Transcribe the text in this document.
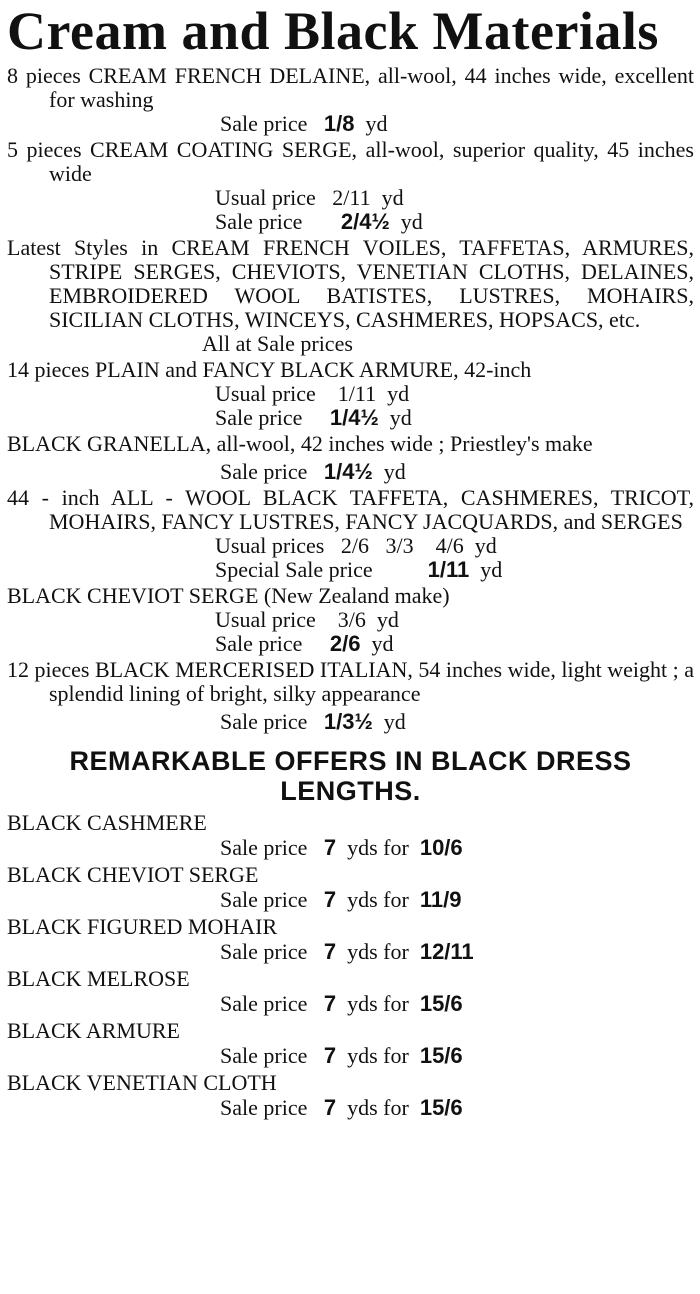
Cream and Black Materials
8 pieces CREAM FRENCH DELAINE, all-wool, 44 inches wide, excellent for washing
Sale price 1/8 yd
5 pieces CREAM COATING SERGE, all-wool, superior quality, 45 inches wide
Usual price 2/11 yd
Sale price 2/4½ yd
Latest Styles in CREAM FRENCH VOILES, TAFFETAS, ARMURES, STRIPE SERGES, CHEVIOTS, VENETIAN CLOTHS, DELAINES, EMBROIDERED WOOL BATISTES, LUSTRES, MOHAIRS, SICILIAN CLOTHS, WINCEYS, CASHMERES, HOPSACS, etc.
All at Sale prices
14 pieces PLAIN and FANCY BLACK ARMURE, 42-inch
Usual price 1/11 yd
Sale price 1/4½ yd
BLACK GRANELLA, all-wool, 42 inches wide ; Priestley's make
Sale price 1/4½ yd
44 - inch ALL - WOOL BLACK TAFFETA, CASHMERES, TRICOT, MOHAIRS, FANCY LUSTRES, FANCY JACQUARDS, and SERGES
Usual prices 2/6 3/3 4/6 yd
Special Sale price	1/11 yd
BLACK CHEVIOT SERGE (New Zealand make)
Usual price 3/6 yd
Sale price 2/6 yd
12 pieces BLACK MERCERISED ITALIAN, 54 inches wide, light weight ; a splendid lining of bright, silky appearance
Sale price 1/3½ yd
REMARKABLE OFFERS IN BLACK DRESS LENGTHS.
BLACK CASHMERE
Sale price 7 yds for 10/6
BLACK CHEVIOT SERGE
Sale price 7 yds for 11/9
BLACK FIGURED MOHAIR
Sale price 7 yds for 12/11
BLACK MELROSE
Sale price 7 yds for 15/6
BLACK ARMURE
Sale price 7 yds for 15/6
BLACK VENETIAN CLOTH
Sale price 7 yds for 15/6
